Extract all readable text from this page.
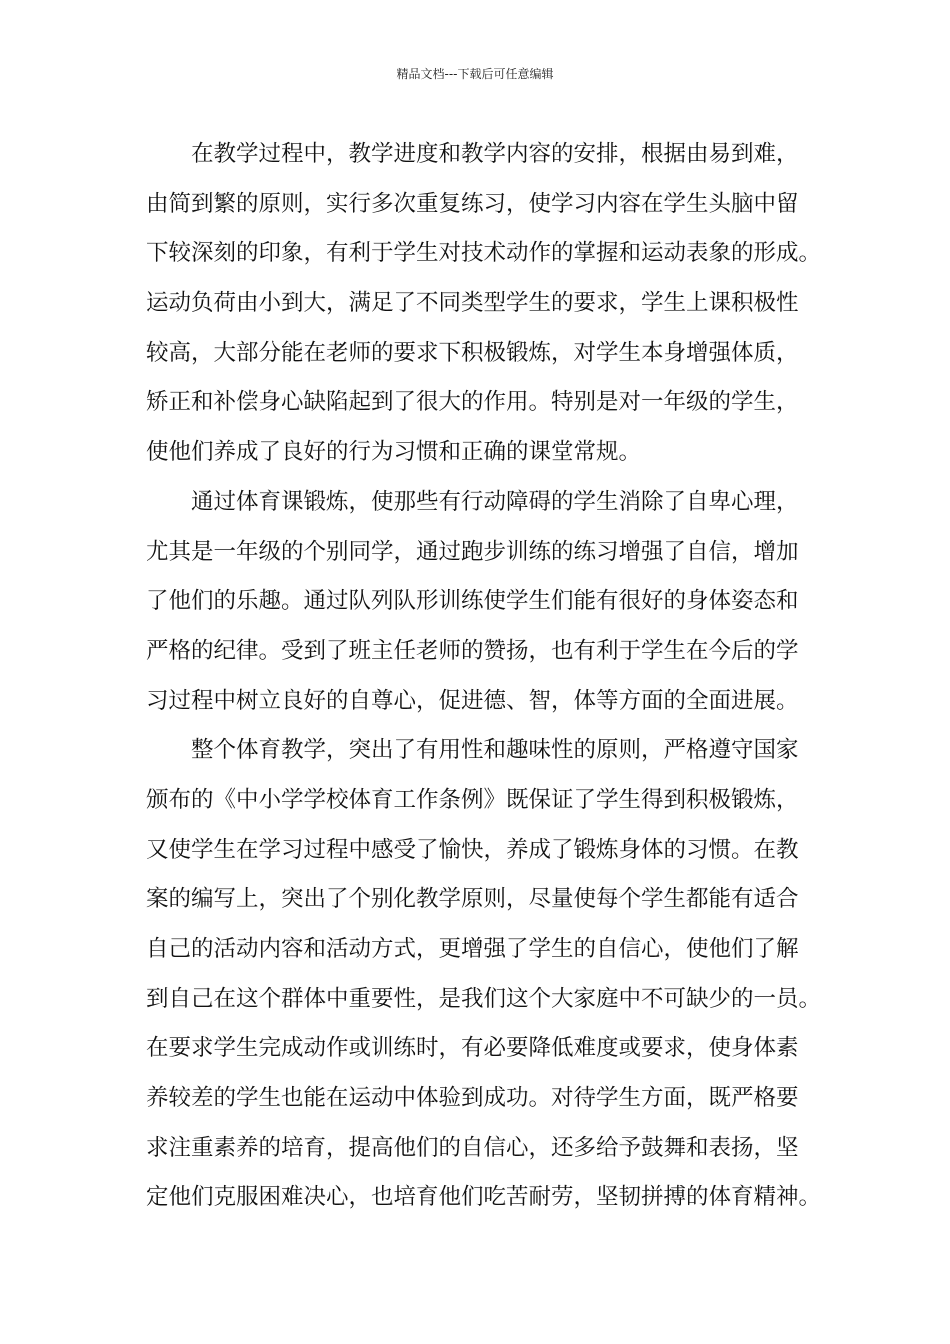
精品文档---下载后可任意编辑
在教学过程中，教学进度和教学内容的安排，根据由易到难，
由简到繁的原则，实行多次重复练习，使学习内容在学生头脑中留
下较深刻的印象，有利于学生对技术动作的掌握和运动表象的形成。
运动负荷由小到大，满足了不同类型学生的要求，学生上课积极性
较高，大部分能在老师的要求下积极锻炼，对学生本身增强体质，
矫正和补偿身心缺陷起到了很大的作用。特别是对一年级的学生，
使他们养成了良好的行为习惯和正确的课堂常规。
通过体育课锻炼，使那些有行动障碍的学生消除了自卑心理，
尤其是一年级的个别同学，通过跑步训练的练习增强了自信，增加
了他们的乐趣。通过队列队形训练使学生们能有很好的身体姿态和
严格的纪律。受到了班主任老师的赞扬，也有利于学生在今后的学
习过程中树立良好的自尊心，促进德、智，体等方面的全面进展。
整个体育教学，突出了有用性和趣味性的原则，严格遵守国家
颁布的《中小学学校体育工作条例》既保证了学生得到积极锻炼，
又使学生在学习过程中感受了愉快，养成了锻炼身体的习惯。在教
案的编写上，突出了个别化教学原则，尽量使每个学生都能有适合
自己的活动内容和活动方式，更增强了学生的自信心，使他们了解
到自己在这个群体中重要性，是我们这个大家庭中不可缺少的一员。
在要求学生完成动作或训练时，有必要降低难度或要求，使身体素
养较差的学生也能在运动中体验到成功。对待学生方面，既严格要
求注重素养的培育，提高他们的自信心，还多给予鼓舞和表扬，坚
定他们克服困难决心，也培育他们吃苦耐劳，坚韧拼搏的体育精神。
